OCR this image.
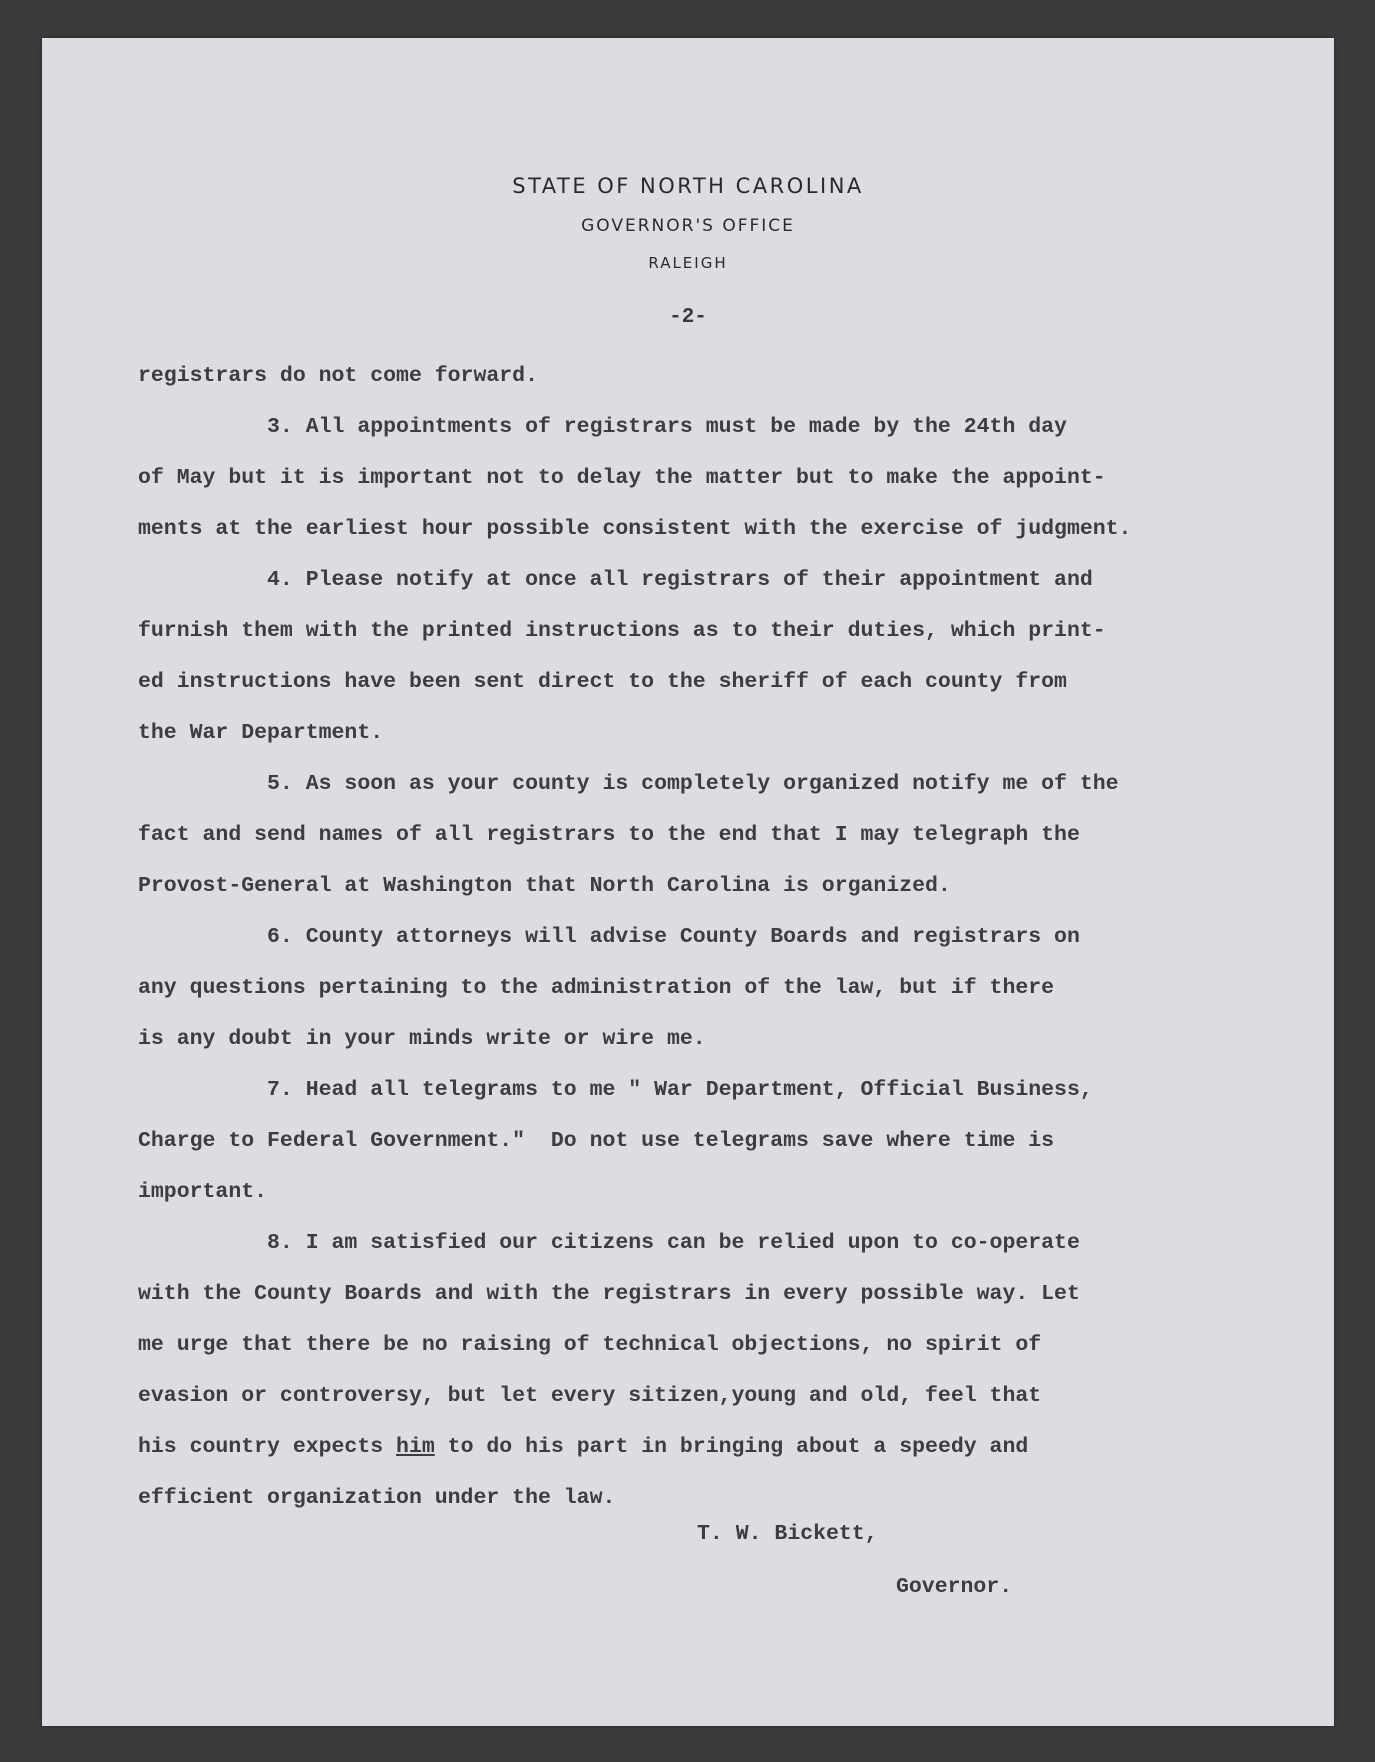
STATE OF NORTH CAROLINA
GOVERNOR'S OFFICE
RALEIGH
-2-
registrars do not come forward.
3. All appointments of registrars must be made by the 24th day
of May but it is important not to delay the matter but to make the appoint-
ments at the earliest hour possible consistent with the exercise of judgment.
4. Please notify at once all registrars of their appointment and
furnish them with the printed instructions as to their duties, which print-
ed instructions have been sent direct to the sheriff of each county from
the War Department.
5. As soon as your county is completely organized notify me of the
fact and send names of all registrars to the end that I may telegraph the
Provost-General at Washington that North Carolina is organized.
6. County attorneys will advise County Boards and registrars on
any questions pertaining to the administration of the law, but if there
is any doubt in your minds write or wire me.
7. Head all telegrams to me " War Department, Official Business,
Charge to Federal Government."  Do not use telegrams save where time is
important.
8. I am satisfied our citizens can be relied upon to co-operate
with the County Boards and with the registrars in every possible way. Let
me urge that there be no raising of technical objections, no spirit of
evasion or controversy, but let every sitizen,young and old, feel that
his country expects him to do his part in bringing about a speedy and
efficient organization under the law.
T. W. Bickett,
Governor.
